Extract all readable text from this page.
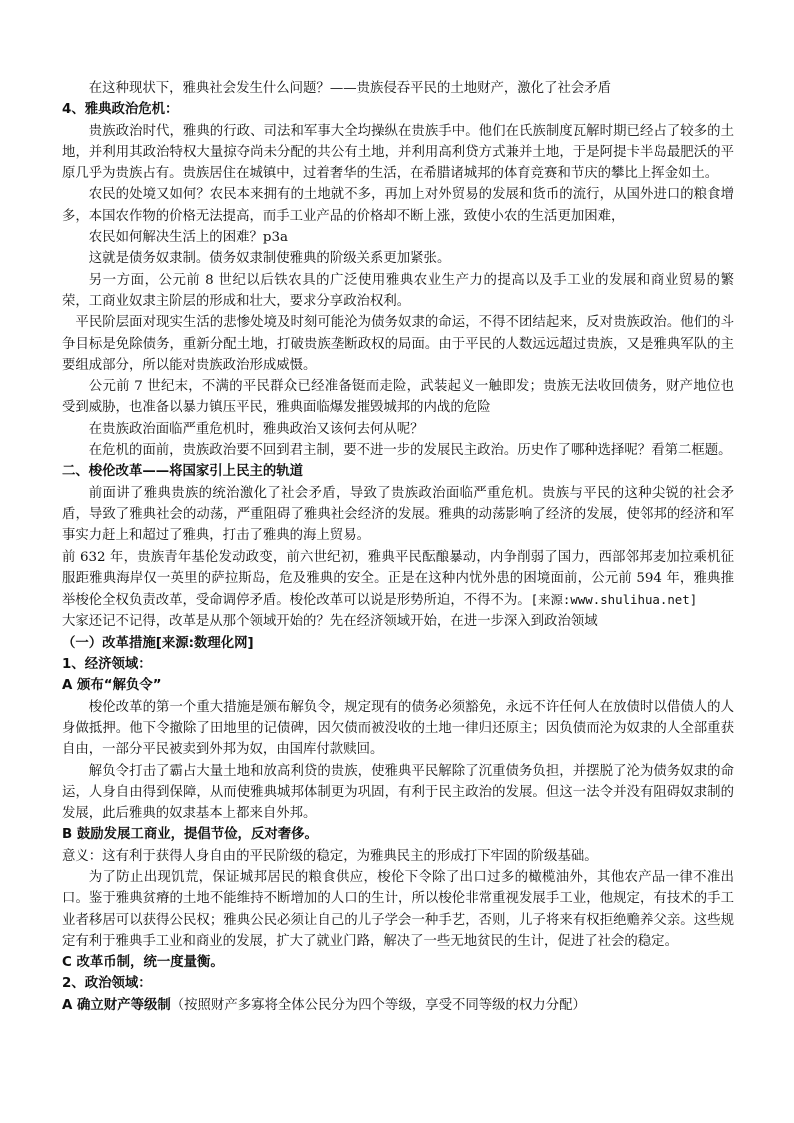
在这种现状下，雅典社会发生什么问题？——贵族侵吞平民的土地财产，激化了社会矛盾

4、雅典政治危机：

贵族政治时代，雅典的行政、司法和军事大全均操纵在贵族手中。他们在氏族制度瓦解时期已经占了较多的土地，并利用其政治特权大量掠夺尚未分配的共公有土地，并利用高利贷方式兼并土地，于是阿提卡半岛最肥沃的平原几乎为贵族占有。贵族居住在城镇中，过着奢华的生活，在希腊诸城邦的体育竞赛和节庆的攀比上挥金如土。

农民的处境又如何？农民本来拥有的土地就不多，再加上对外贸易的发展和货币的流行，从国外进口的粮食增多，本国农作物的价格无法提高，而手工业产品的价格却不断上涨，致使小农的生活更加困难，

农民如何解决生活上的困难？p3a

这就是债务奴隶制。债务奴隶制使雅典的阶级关系更加紧张。

另一方面，公元前 8 世纪以后铁农具的广泛使用雅典农业生产力的提高以及手工业的发展和商业贸易的繁荣，工商业奴隶主阶层的形成和壮大，要求分享政治权利。

平民阶层面对现实生活的悲惨处境及时刻可能沦为债务奴隶的命运，不得不团结起来，反对贵族政治。他们的斗争目标是免除债务，重新分配土地，打破贵族垄断政权的局面。由于平民的人数远远超过贵族，又是雅典军队的主要组成部分，所以能对贵族政治形成威慑。

公元前 7 世纪末，不满的平民群众已经准备铤而走险，武装起义一触即发；贵族无法收回债务，财产地位也受到威胁，也准备以暴力镇压平民，雅典面临爆发摧毁城邦的内战的危险

在贵族政治面临严重危机时，雅典政治又该何去何从呢？

在危机的面前，贵族政治要不回到君主制，要不进一步的发展民主政治。历史作了哪种选择呢？看第二框题。

二、梭伦改革——将国家引上民主的轨道

前面讲了雅典贵族的统治激化了社会矛盾，导致了贵族政治面临严重危机。贵族与平民的这种尖锐的社会矛盾，导致了雅典社会的动荡，严重阻碍了雅典社会经济的发展。雅典的动荡影响了经济的发展，使邻邦的经济和军事实力赶上和超过了雅典，打击了雅典的海上贸易。

前 632 年，贵族青年基伦发动政变，前六世纪初，雅典平民酝酿暴动，内争削弱了国力，西部邻邦麦加拉乘机征服距雅典海岸仅一英里的萨拉斯岛，危及雅典的安全。正是在这种内忧外患的困境面前，公元前 594 年，雅典推举梭伦全权负责改革，受命调停矛盾。梭伦改革可以说是形势所迫，不得不为。[来源:www.shulihua.net]

大家还记不记得，改革是从那个领域开始的？先在经济领域开始，在进一步深入到政治领域

（一）改革措施[来源:数理化网]

1、经济领域：

A 颁布“解负令”

梭伦改革的第一个重大措施是颁布解负令，规定现有的债务必须豁免，永远不许任何人在放债时以借债人的人身做抵押。他下令撤除了田地里的记债碑，因欠债而被没收的土地一律归还原主；因负债而沦为奴隶的人全部重获自由，一部分平民被卖到外邦为奴，由国库付款赎回。

解负令打击了霸占大量土地和放高利贷的贵族，使雅典平民解除了沉重债务负担，并摆脱了沦为债务奴隶的命运，人身自由得到保障，从而使雅典城邦体制更为巩固，有利于民主政治的发展。但这一法令并没有阻碍奴隶制的发展，此后雅典的奴隶基本上都来自外邦。

B 鼓励发展工商业，提倡节俭，反对奢侈。

意义：这有利于获得人身自由的平民阶级的稳定，为雅典民主的形成打下牢固的阶级基础。

为了防止出现饥荒，保证城邦居民的粮食供应，梭伦下令除了出口过多的橄榄油外，其他农产品一律不准出口。鉴于雅典贫瘠的土地不能维持不断增加的人口的生计，所以梭伦非常重视发展手工业，他规定，有技术的手工业者移居可以获得公民权；雅典公民必须让自己的儿子学会一种手艺，否则，儿子将来有权拒绝赡养父亲。这些规定有利于雅典手工业和商业的发展，扩大了就业门路，解决了一些无地贫民的生计，促进了社会的稳定。

C 改革币制，统一度量衡。

2、政治领域：

A 确立财产等级制（按照财产多寡将全体公民分为四个等级，享受不同等级的权力分配）
